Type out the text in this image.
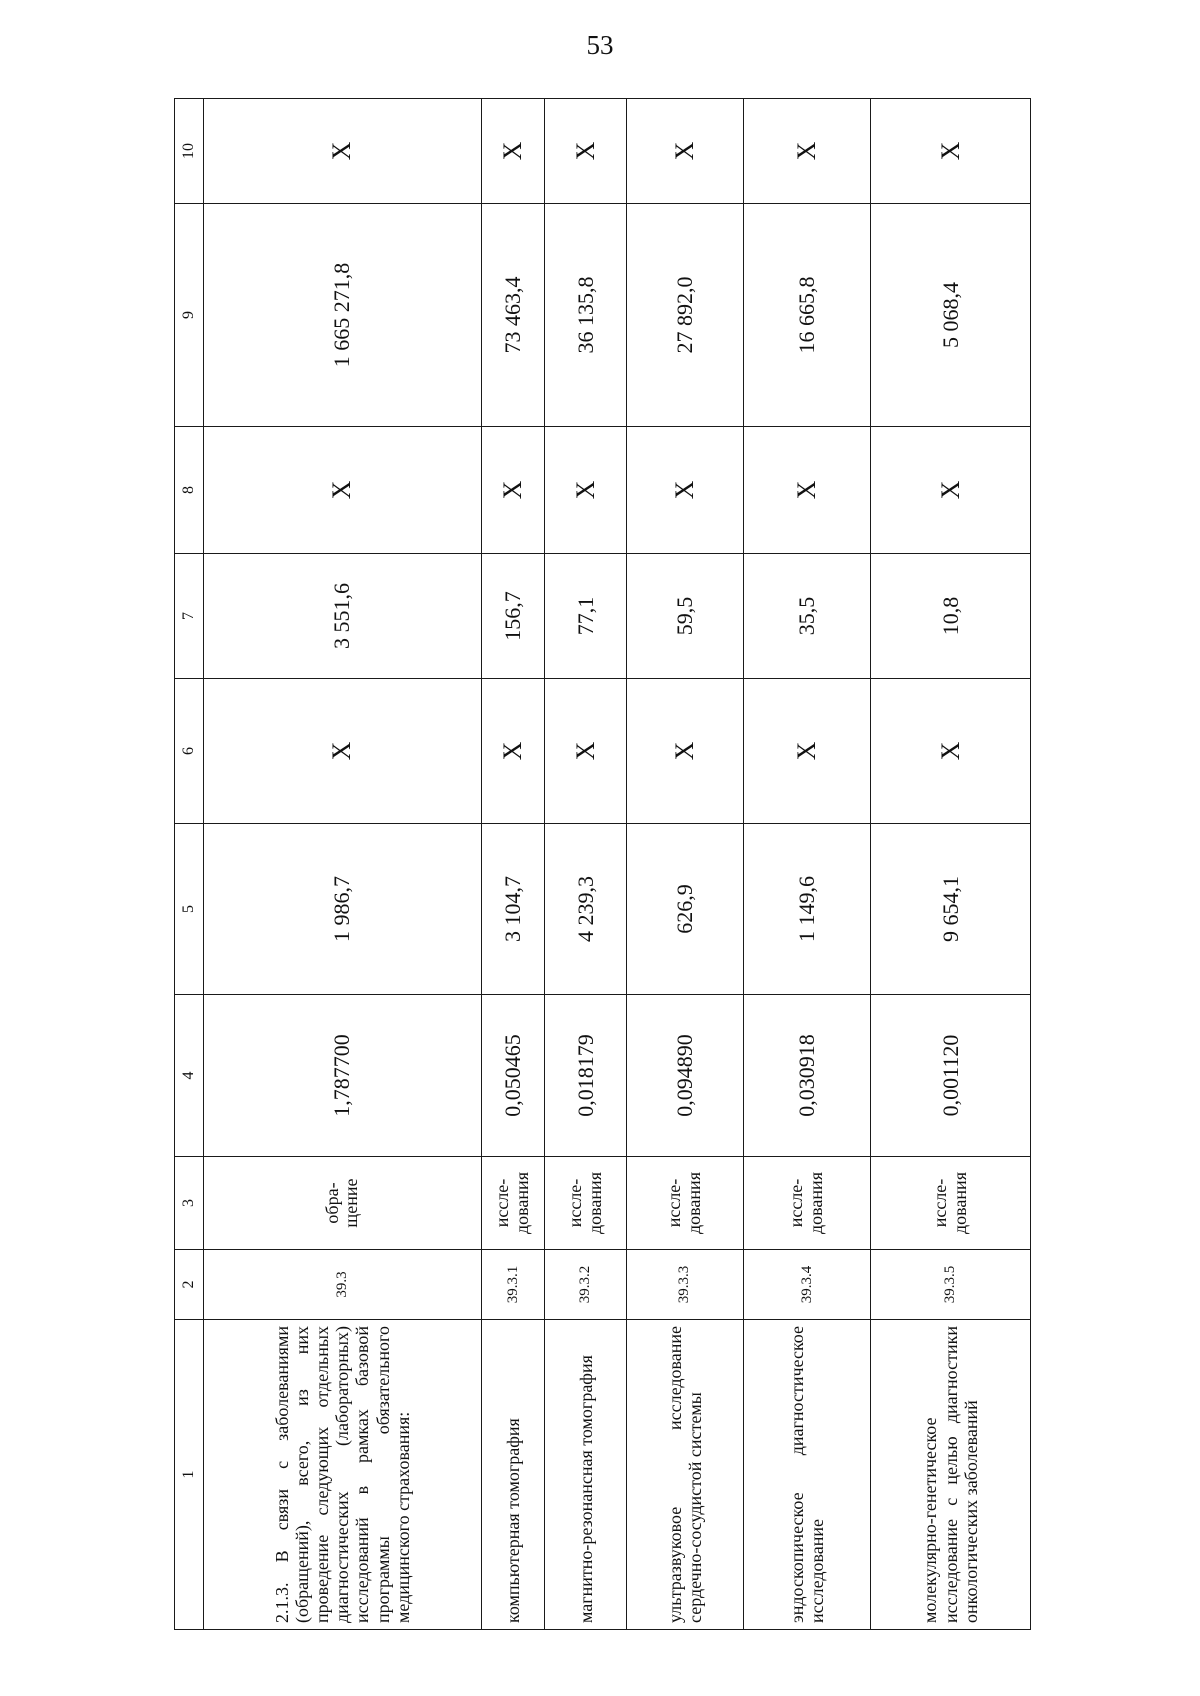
53
1	2	3	4	5	6	7	8	9	10
2.1.3. В связи с заболеваниями (обращений), всего, из них проведение следующих отдельных диагностических (лабораторных) исследований в рамках базовой программы обязательного медицинского страхования:	39.3	обра-щение	1,787700	1 986,7	Х	3 551,6	Х	1 665 271,8	Х
компьютерная томография	39.3.1	иссле-дования	0,050465	3 104,7	Х	156,7	Х	73 463,4	Х
магнитно-резонансная томография	39.3.2	иссле-дования	0,018179	4 239,3	Х	77,1	Х	36 135,8	Х
ультразвуковое исследование сердечно-сосудистой системы	39.3.3	иссле-дования	0,094890	626,9	Х	59,5	Х	27 892,0	Х
эндоскопическое диагностическое исследование	39.3.4	иссле-дования	0,030918	1 149,6	Х	35,5	Х	16 665,8	Х
молекулярно-генетическое исследование с целью диагностики онкологических заболеваний	39.3.5	иссле-дования	0,001120	9 654,1	Х	10,8	Х	5 068,4	Х
